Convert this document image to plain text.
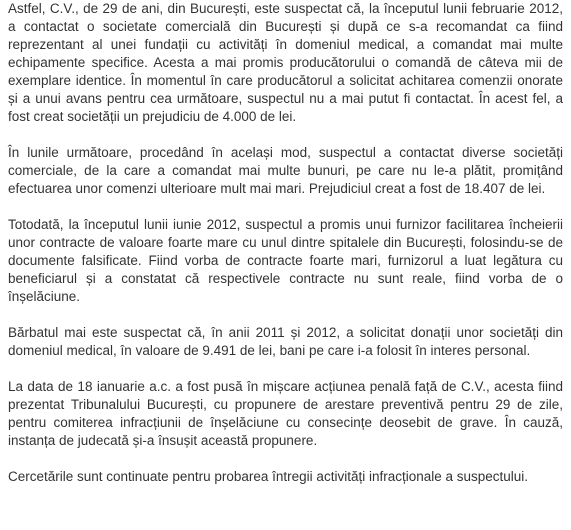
Astfel, C.V., de 29 de ani, din București, este suspectat că, la începutul lunii februarie 2012, a contactat o societate comercială din București și după ce s-a recomandat ca fiind reprezentant al unei fundații cu activități în domeniul medical, a comandat mai multe echipamente specifice. Acesta a mai promis producătorului o comandă de câteva mii de exemplare identice. În momentul în care producătorul a solicitat achitarea comenzii onorate și a unui avans pentru cea următoare, suspectul nu a mai putut fi contactat. În acest fel, a fost creat societății un prejudiciu de 4.000 de lei.

În lunile următoare, procedând în același mod, suspectul a contactat diverse societăți comerciale, de la care a comandat mai multe bunuri, pe care nu le-a plătit, promițând efectuarea unor comenzi ulterioare mult mai mari. Prejudiciul creat a fost de 18.407 de lei.

Totodată, la începutul lunii iunie 2012, suspectul a promis unui furnizor facilitarea încheierii unor contracte de valoare foarte mare cu unul dintre spitalele din București, folosindu-se de documente falsificate. Fiind vorba de contracte foarte mari, furnizorul a luat legătura cu beneficiarul și a constatat că respectivele contracte nu sunt reale, fiind vorba de o înșelăciune.

Bărbatul mai este suspectat că, în anii 2011 și 2012, a solicitat donații unor societăți din domeniul medical, în valoare de 9.491 de lei, bani pe care i-a folosit în interes personal.

La data de 18 ianuarie a.c. a fost pusă în mișcare acțiunea penală față de C.V., acesta fiind prezentat Tribunalului București, cu propunere de arestare preventivă pentru 29 de zile, pentru comiterea infracțiunii de înșelăciune cu consecințe deosebit de grave. În cauză, instanța de judecată și-a însușit această propunere.

Cercetările sunt continuate pentru probarea întregii activități infracționale a suspectului.
